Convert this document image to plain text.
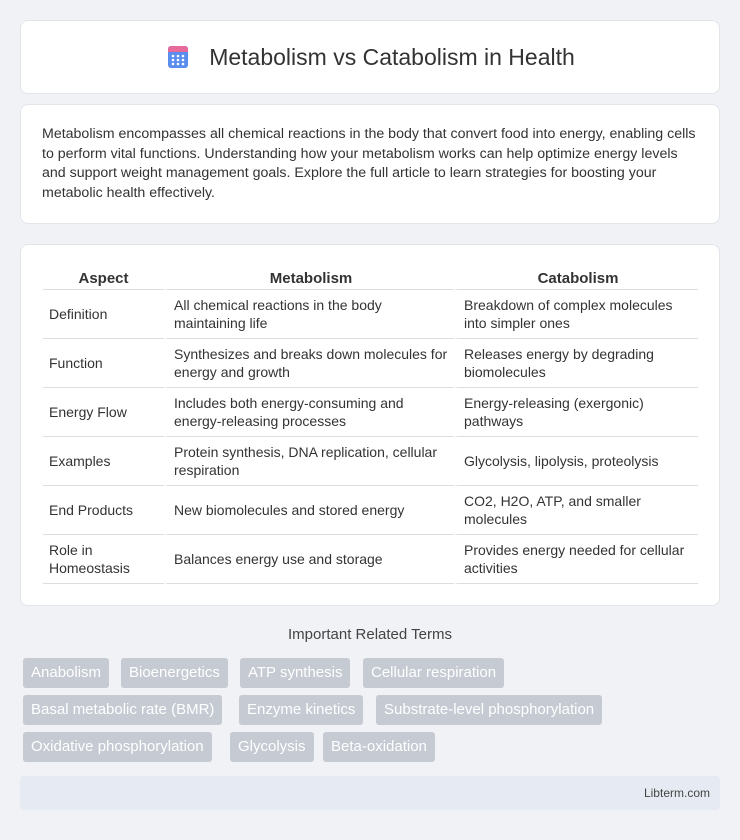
Metabolism vs Catabolism in Health

Metabolism encompasses all chemical reactions in the body that convert food into energy, enabling cells to perform vital functions. Understanding how your metabolism works can help optimize energy levels and support weight management goals. Explore the full article to learn strategies for boosting your metabolic health effectively.

Aspect	Metabolism	Catabolism
Definition	All chemical reactions in the body maintaining life	Breakdown of complex molecules into simpler ones
Function	Synthesizes and breaks down molecules for energy and growth	Releases energy by degrading biomolecules
Energy Flow	Includes both energy-consuming and energy-releasing processes	Energy-releasing (exergonic) pathways
Examples	Protein synthesis, DNA replication, cellular respiration	Glycolysis, lipolysis, proteolysis
End Products	New biomolecules and stored energy	CO2, H2O, ATP, and smaller molecules
Role in Homeostasis	Balances energy use and storage	Provides energy needed for cellular activities
Important Related Terms
Anabolism	Bioenergetics	ATP synthesis	Cellular respiration
Basal metabolic rate (BMR)	Enzyme kinetics	Substrate-level phosphorylation
Oxidative phosphorylation	Glycolysis	Beta-oxidation
Libterm.com
